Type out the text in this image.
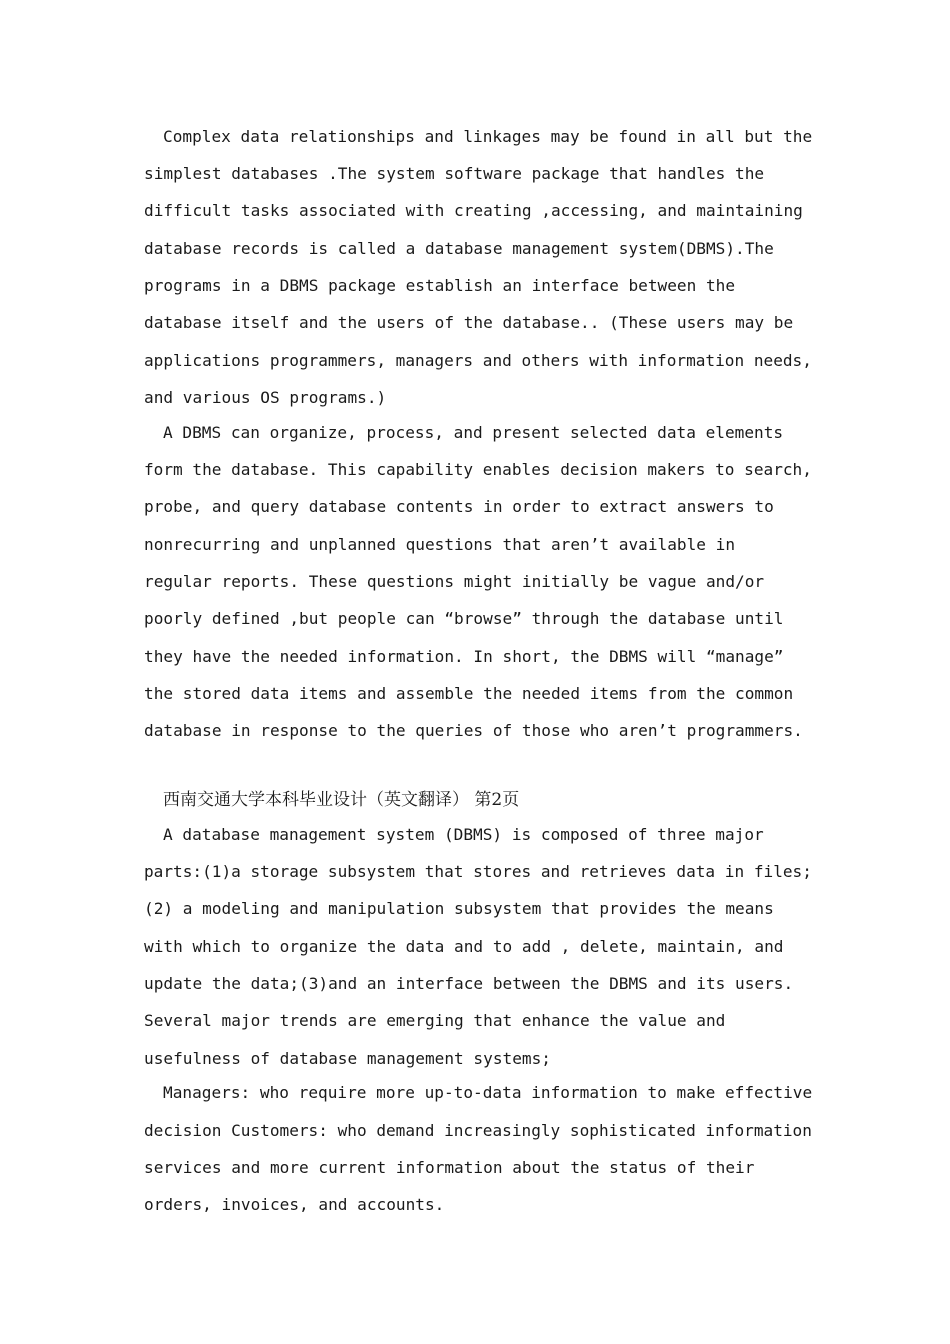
Complex data relationships and linkages may be found in all but the
simplest databases .The system software package that handles the
difficult tasks associated with creating ,accessing, and maintaining
database records is called a database management system(DBMS).The
programs in a DBMS package establish an interface between the
database itself and the users of the database.. (These users may be
applications programmers, managers and others with information needs,
and various OS programs.)
A DBMS can organize, process, and present selected data elements
form the database. This capability enables decision makers to search,
probe, and query database contents in order to extract answers to
nonrecurring and unplanned questions that aren’t available in
regular reports. These questions might initially be vague and/or
poorly defined ,but people can “browse” through the database until
they have the needed information. In short, the DBMS will “manage”
the stored data items and assemble the needed items from the common
database in response to the queries of those who aren’t programmers.
西南交通大学本科毕业设计（英文翻译） 第2页
A database management system (DBMS) is composed of three major
parts:(1)a storage subsystem that stores and retrieves data in files;
(2) a modeling and manipulation subsystem that provides the means
with which to organize the data and to add , delete, maintain, and
update the data;(3)and an interface between the DBMS and its users.
Several major trends are emerging that enhance the value and
usefulness of database management systems;
Managers: who require more up-to-data information to make effective
decision Customers: who demand increasingly sophisticated information
services and more current information about the status of their
orders, invoices, and accounts.
